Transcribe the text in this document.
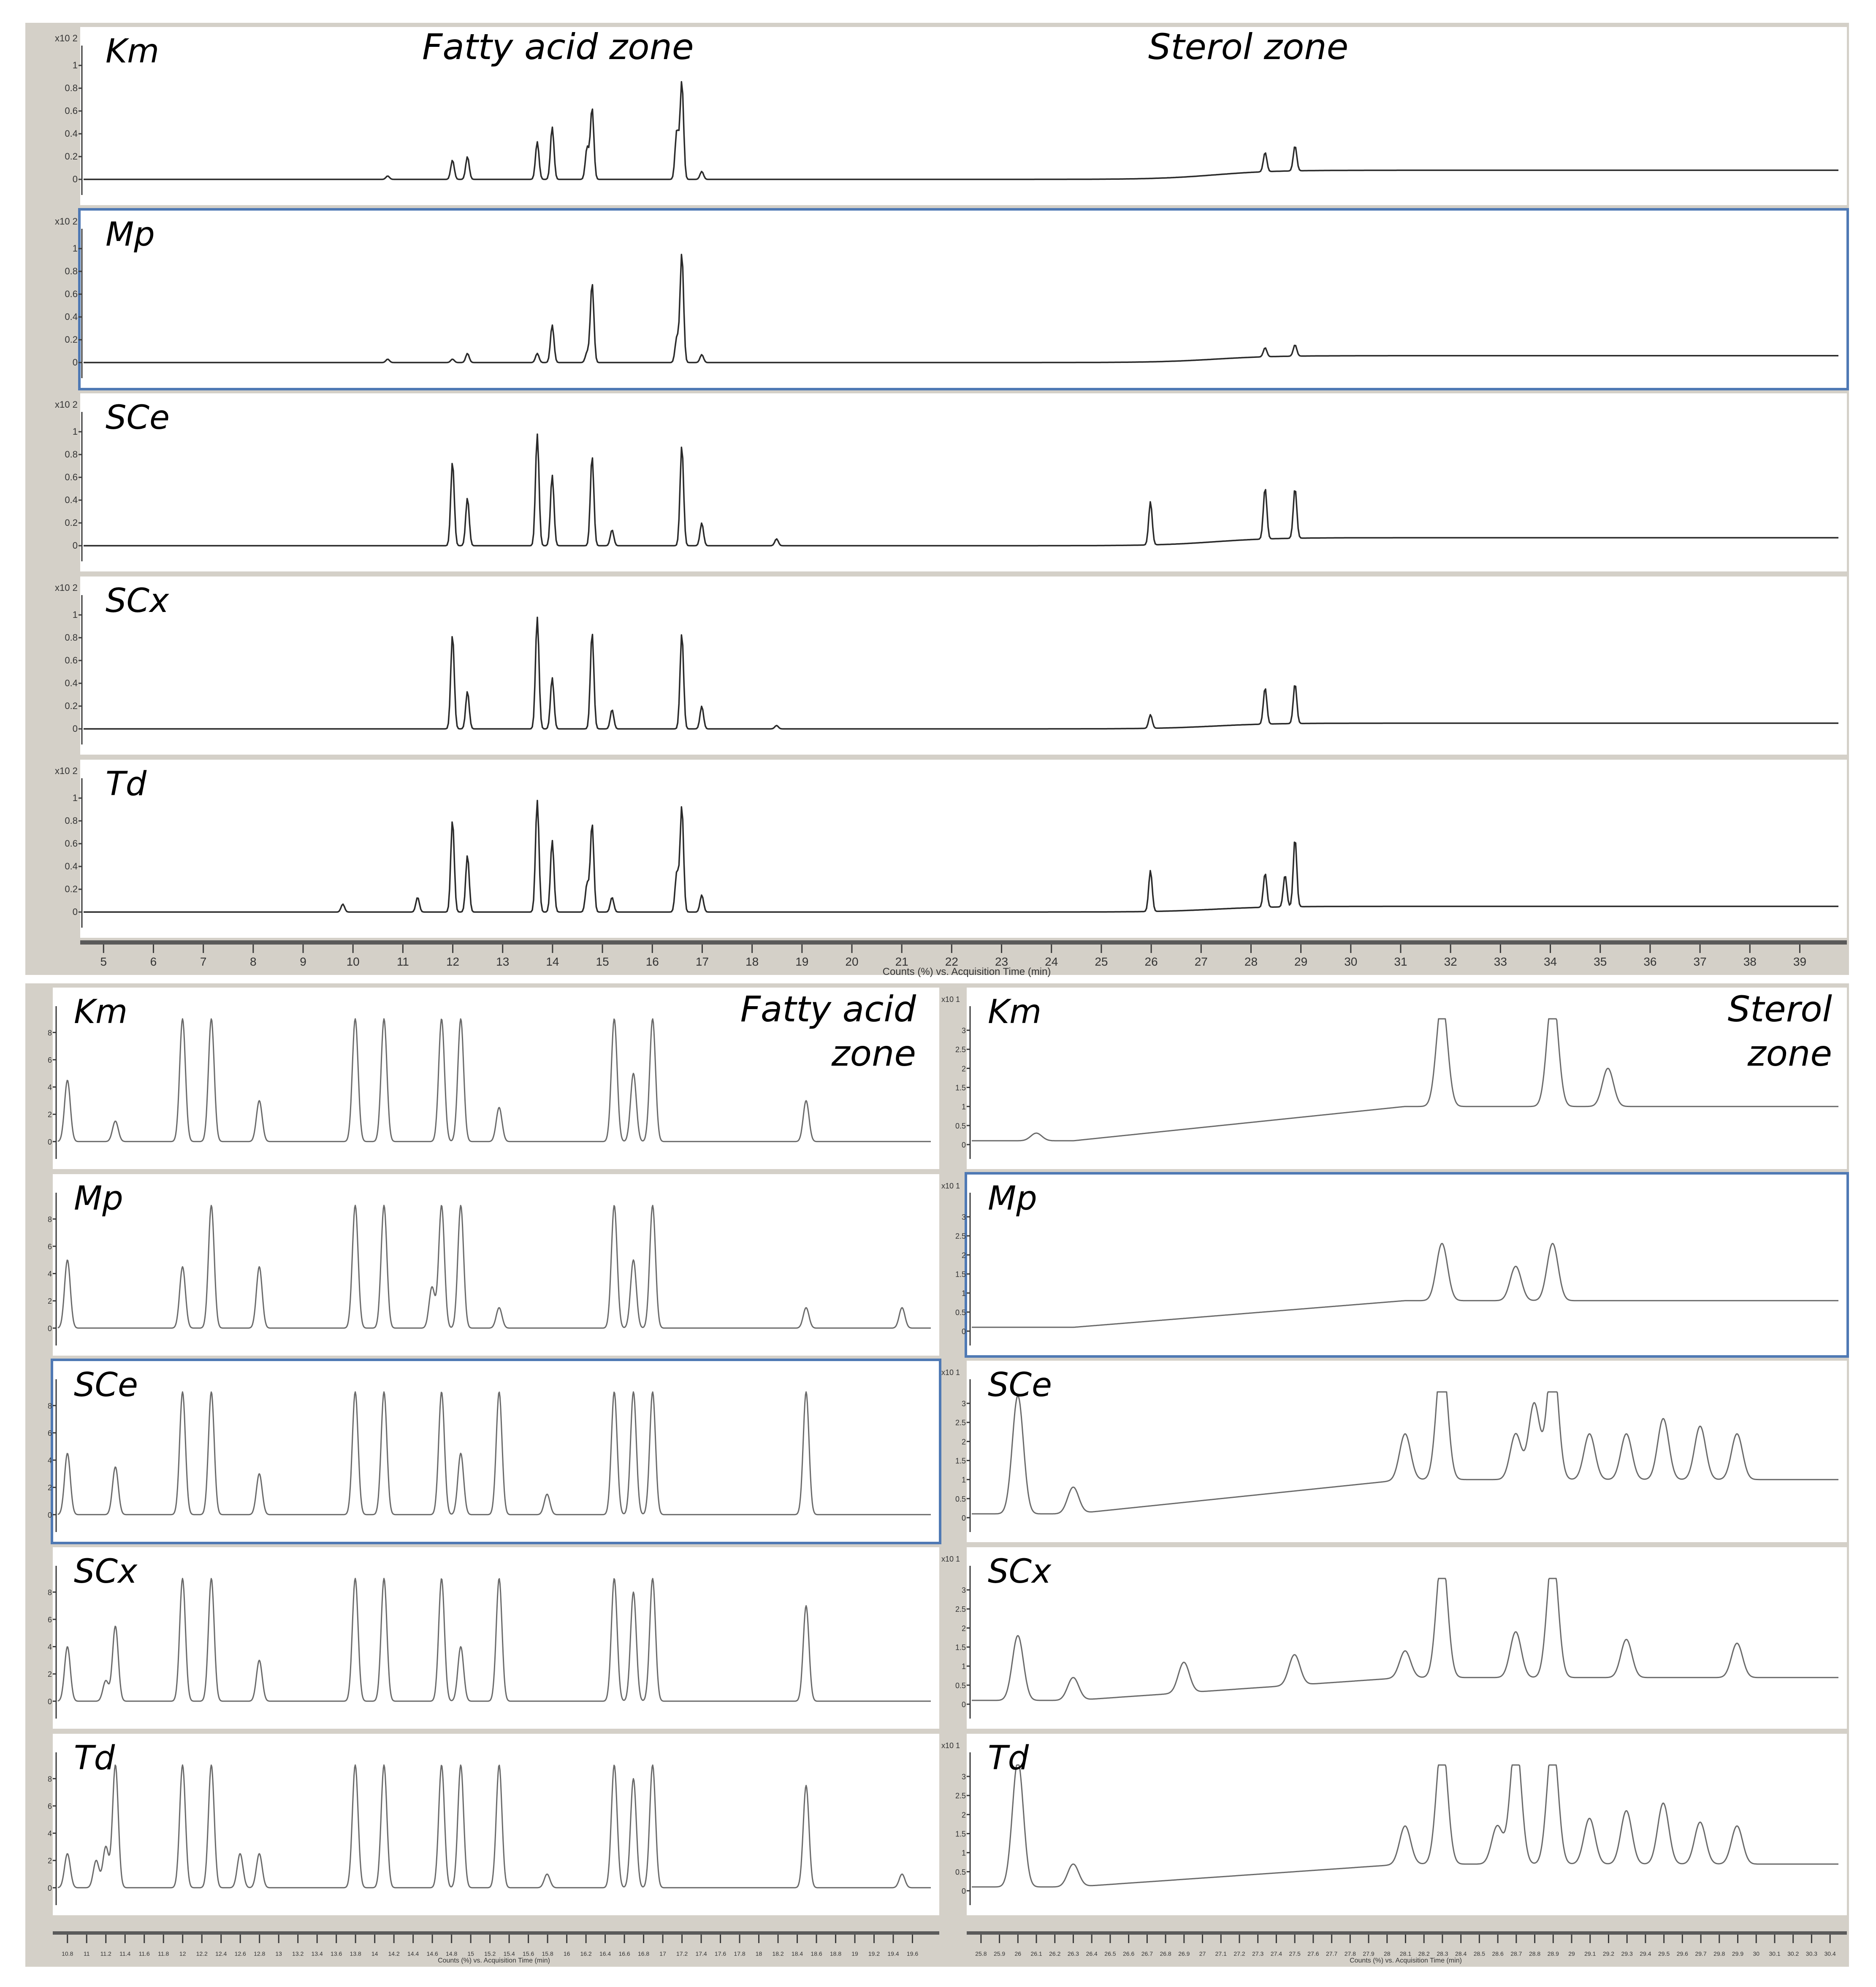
0
0.2
0.4
0.6
0.8
1
x10 2 Km
0
0.2
0.4
0.6
0.8
1
x10 2 Mp
0
0.2
0.4
0.6
0.8
1
x10 2 SCe
0
0.2
0.4
0.6
0.8
1
x10 2 SCx
0
0.2
0.4
0.6
0.8
1
x10 2 Td
5	6	7	8	9	10	11	12	13	14	15	16	17	18	19	20	21	22	23	24	25	26	27	28	29	30	31	32	33	34	35	36	37	38	39
Counts (%) vs. Acquisition Time (min)
Fatty acid zone	Sterol zone
0
2
4
6
8
Km
0
2
4
6
8
Mp
0
2
4
6
8
SCe
0
2
4
6
8
SCx
0
2
4
6
8
Td
10.8 11 11.2 11.4 11.6 11.8 12 12.2 12.4 12.6 12.8 13 13.2 13.4 13.6 13.8 14 14.2 14.4 14.6 14.8 15 15.2 15.4 15.6 15.8 16 16.2 16.4 16.6 16.8 17 17.2 17.4 17.6 17.8 18 18.2 18.4 18.6 18.8 19 19.2 19.4 19.6
Counts (%) vs. Acquisition Time (min)
Fatty acid
zone
0
0.5
1
1.5
2
2.5
3
x10 1 Km
0
0.5
1
1.5
2
2.5
3
x10 1 Mp
0
0.5
1
1.5
2
2.5
3
x10 1 SCe
0
0.5
1
1.5
2
2.5
3
x10 1 SCx
0
0.5
1
1.5
2
2.5
3
x10 1 Td
25.8 25.9 26 26.1 26.2 26.3 26.4 26.5 26.6 26.7 26.8 26.9 27 27.1 27.2 27.3 27.4 27.5 27.6 27.7 27.8 27.9 28 28.1 28.2 28.3 28.4 28.5 28.6 28.7 28.8 28.9 29 29.1 29.2 29.3 29.4 29.5 29.6 29.7 29.8 29.9 30 30.1 30.2 30.3 30.4
Counts (%) vs. Acquisition Time (min)
Sterol
zone
